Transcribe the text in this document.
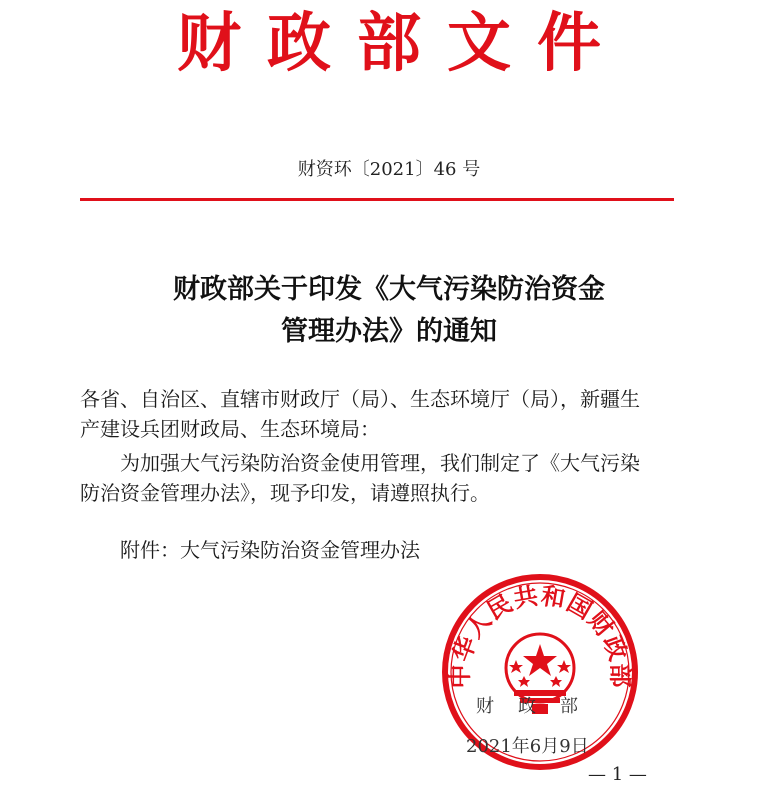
财政部文件
财资环〔2021〕46 号
财政部关于印发《大气污染防治资金
管理办法》的通知
各省、自治区、直辖市财政厅（局）、生态环境厅（局），新疆生
产建设兵团财政局、生态环境局：
为加强大气污染防治资金使用管理，我们制定了《大气污染
防治资金管理办法》，现予印发，请遵照执行。
附件：大气污染防治资金管理办法
中华人民共和国财政部
财政部
2021年6月9日
— 1 —
